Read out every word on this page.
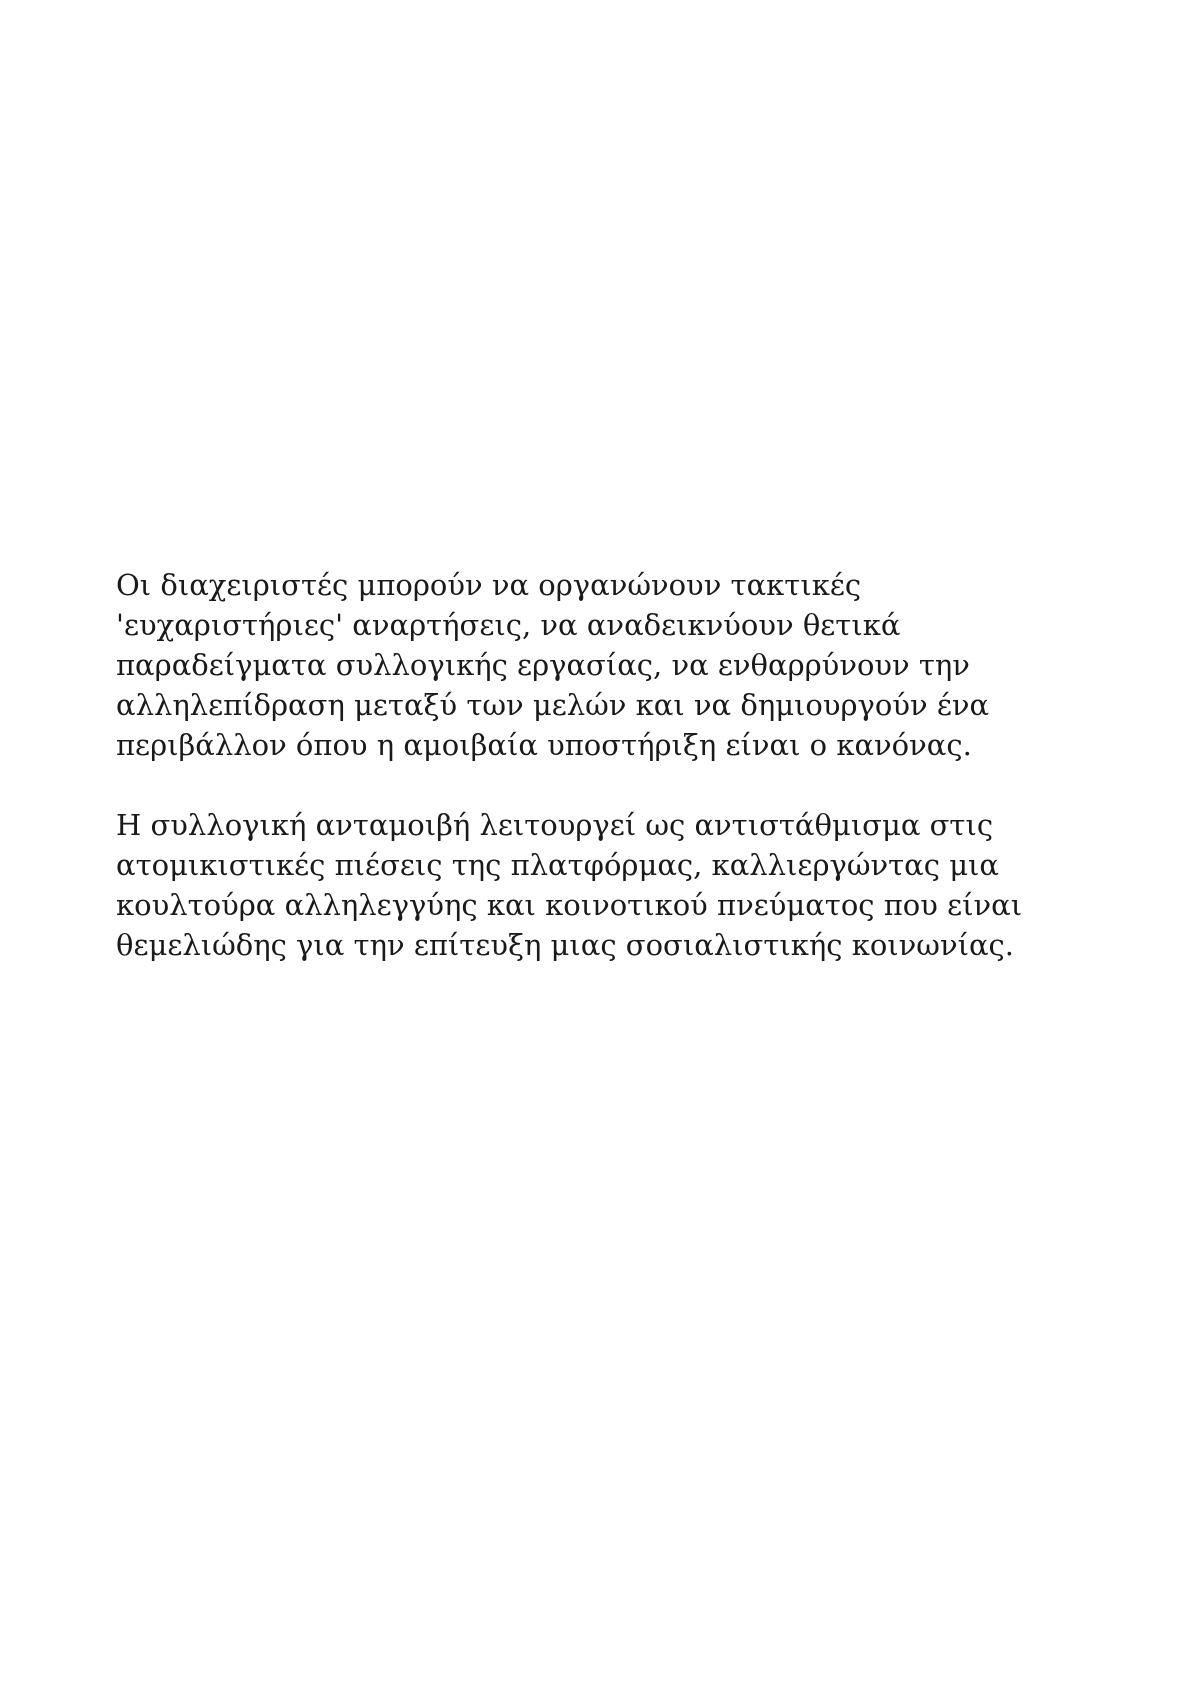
Οι διαχειριστές μπορούν να οργανώνουν τακτικές
'ευχαριστήριες' αναρτήσεις, να αναδεικνύουν θετικά
παραδείγματα συλλογικής εργασίας, να ενθαρρύνουν την
αλληλεπίδραση μεταξύ των μελών και να δημιουργούν ένα
περιβάλλον όπου η αμοιβαία υποστήριξη είναι ο κανόνας.

Η συλλογική ανταμοιβή λειτουργεί ως αντιστάθμισμα στις
ατομικιστικές πιέσεις της πλατφόρμας, καλλιεργώντας μια
κουλτούρα αλληλεγγύης και κοινοτικού πνεύματος που είναι
θεμελιώδης για την επίτευξη μιας σοσιαλιστικής κοινωνίας.
